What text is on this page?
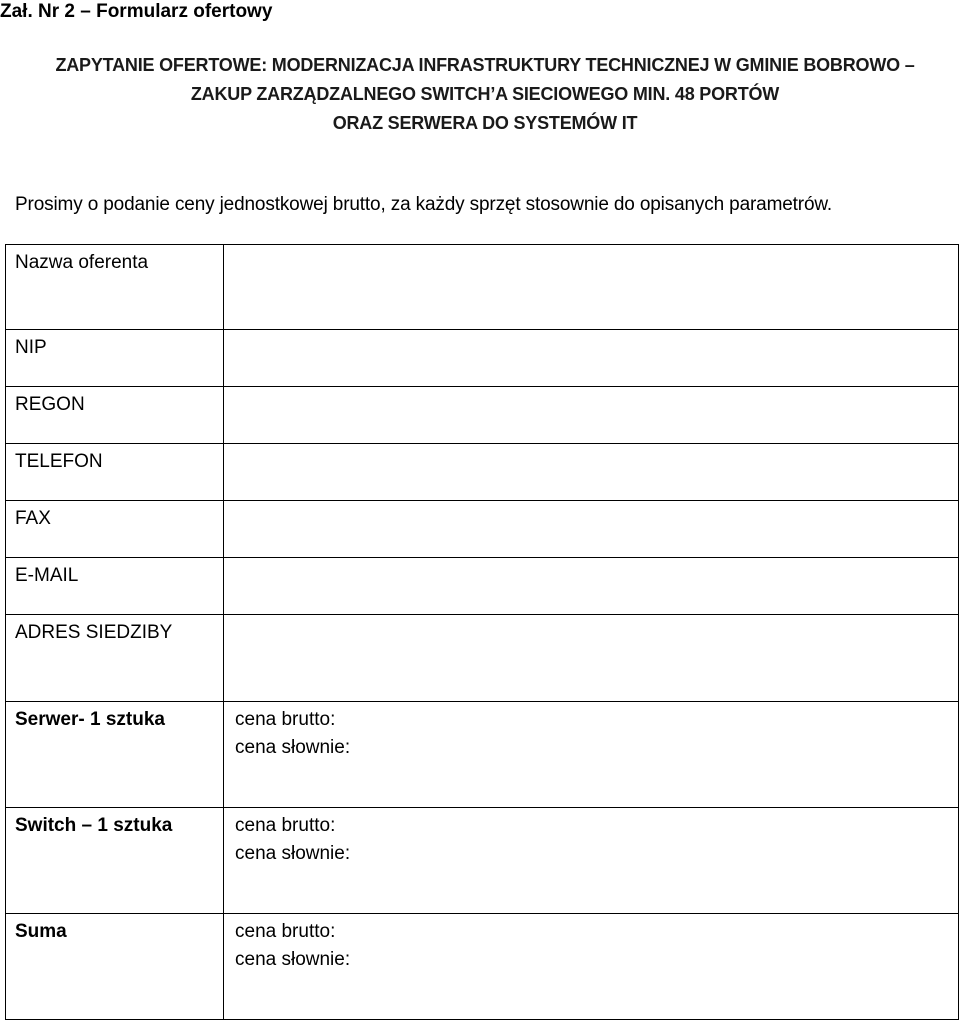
Zał. Nr 2 – Formularz ofertowy
ZAPYTANIE OFERTOWE: MODERNIZACJA INFRASTRUKTURY TECHNICZNEJ W GMINIE BOBROWO –
ZAKUP ZARZĄDZALNEGO SWITCH’A SIECIOWEGO MIN. 48 PORTÓW
ORAZ SERWERA DO SYSTEMÓW IT
Prosimy o podanie ceny jednostkowej brutto, za każdy sprzęt stosownie do opisanych parametrów.
Nazwa oferenta	
NIP	
REGON	
TELEFON	
FAX	
E-MAIL	
ADRES SIEDZIBY	
Serwer- 1 sztuka	cena brutto:
cena słownie:

Switch – 1 sztuka	cena brutto:
cena słownie:

Suma	cena brutto:
cena słownie:
